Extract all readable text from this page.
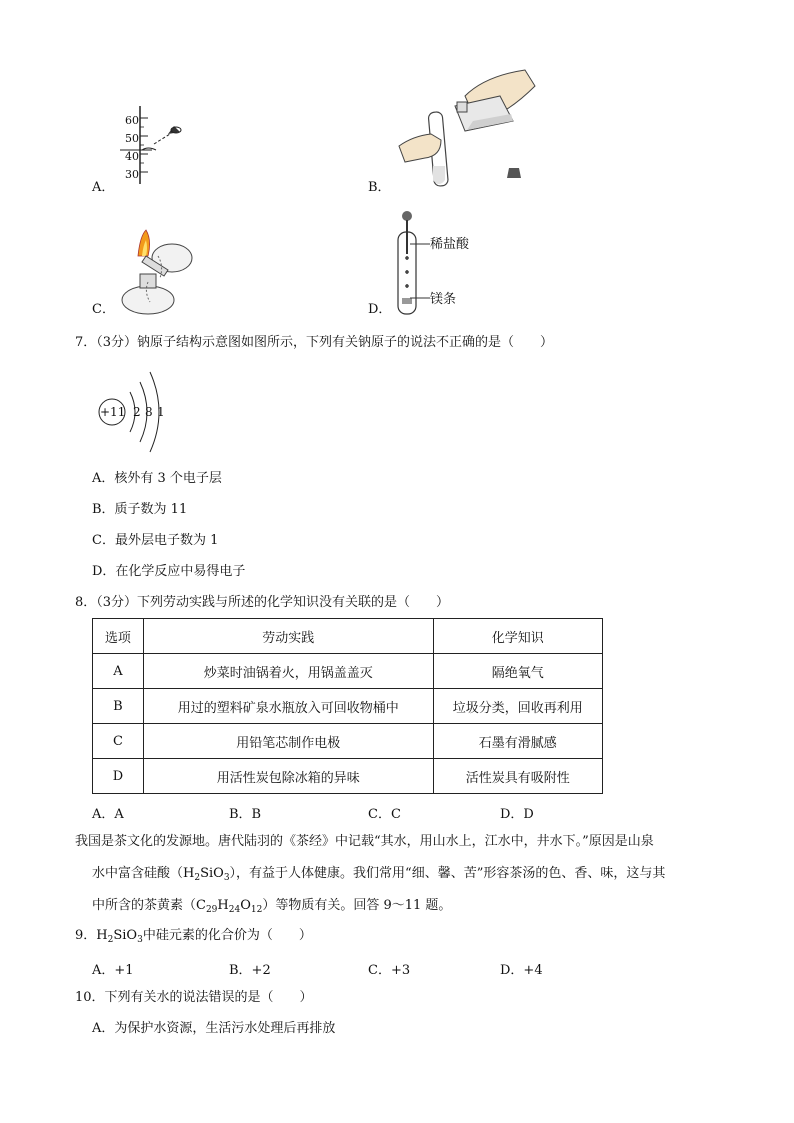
A．
60
50
40
30
B．
C．	D．
稀盐酸
镁条
7．（3分）钠原子结构示意图如图所示，下列有关钠原子的说法不正确的是（　　）
+11 2 8 1
A．核外有 3 个电子层
B．质子数为 11
C．最外层电子数为 1
D．在化学反应中易得电子
8．（3分）下列劳动实践与所述的化学知识没有关联的是（　　）
选项	劳动实践	化学知识
A	炒菜时油锅着火，用锅盖盖灭	隔绝氧气
B	用过的塑料矿泉水瓶放入可回收物桶中	垃圾分类，回收再利用
C	用铅笔芯制作电极	石墨有滑腻感
D	用活性炭包除冰箱的异味	活性炭具有吸附性
A．A	B．B	C．C	D．D
我国是茶文化的发源地。唐代陆羽的《茶经》中记载“其水，用山水上，江水中，井水下。”原因是山泉
水中富含硅酸$(H_2SiO_3)$，有益于人体健康。我们常用“细、馨、苦”形容茶汤的色、香、味，这与其
中所含的茶黄素$(C_{29}H_{24}O_{12})$等物质有关。回答 9～11 题。
9．$H_2SiO_3$中硅元素的化合价为（　　）
A．+1	B．+2	C．+3	D．+4
10．下列有关水的说法错误的是（　　）
A．为保护水资源，生活污水处理后再排放
